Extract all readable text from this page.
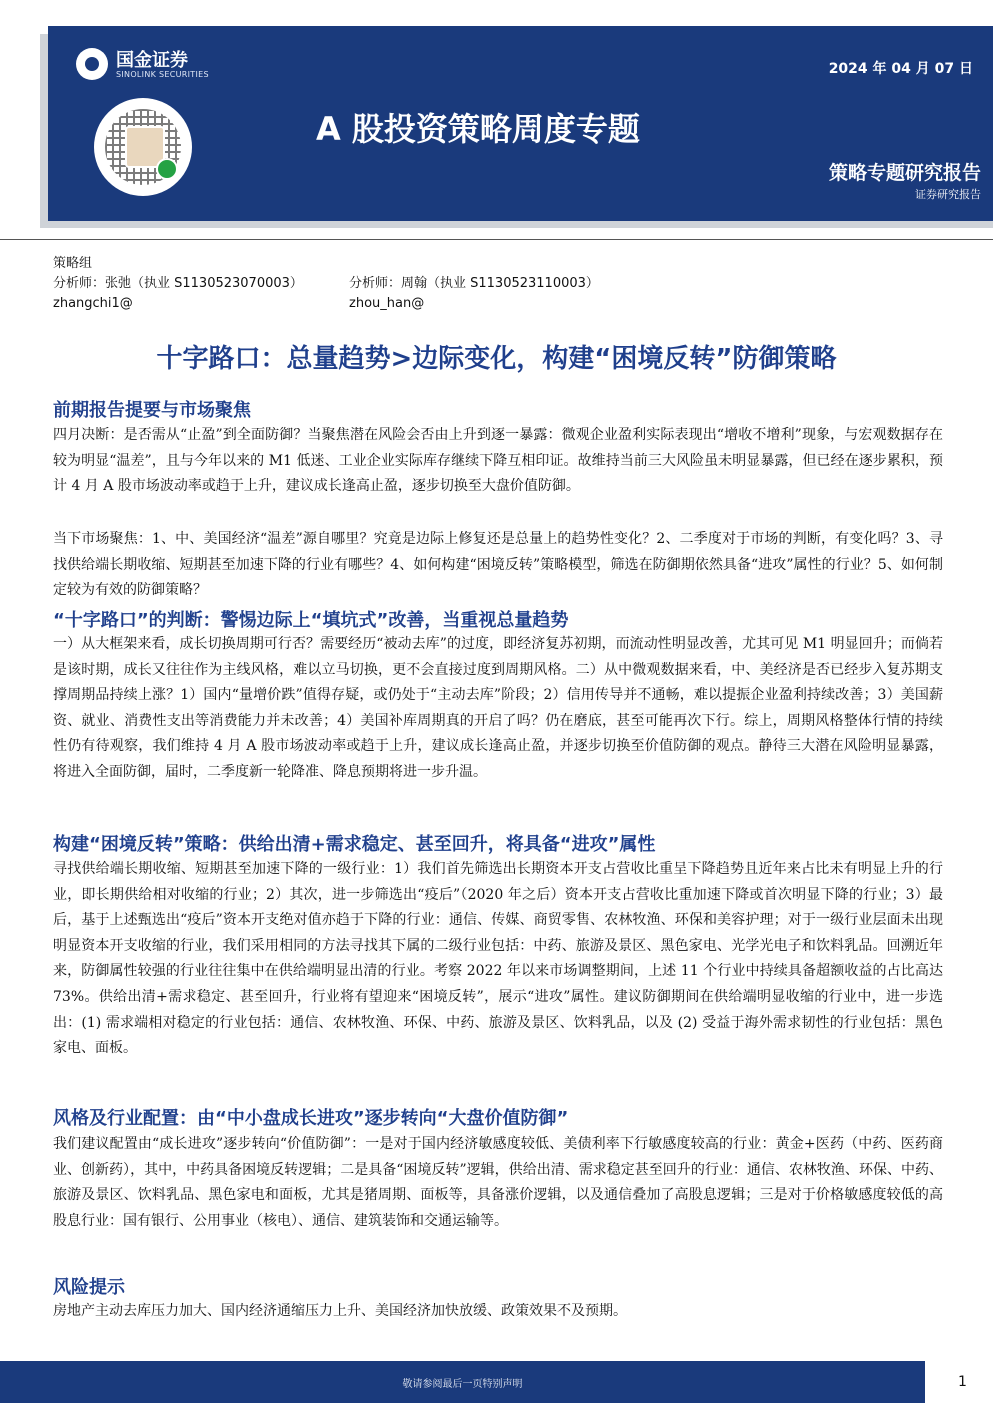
国金证券
SINOLINK SECURITIES	2024 年 04 月 07 日
A 股投资策略周度专题
策略专题研究报告
证券研究报告
策略组
分析师：张弛（执业 S1130523070003）	分析师：周翰（执业 S1130523110003）
zhangchi1@	zhou_han@
十字路口：总量趋势>边际变化，构建“困境反转”防御策略
前期报告提要与市场聚焦

四月决断：是否需从“止盈”到全面防御？当聚焦潜在风险会否由上升到逐一暴露：微观企业盈利实际表现出“增收不增利”现象，与宏观数据存在较为明显“温差”，且与今年以来的 M1 低迷、工业企业实际库存继续下降互相印证。故维持当前三大风险虽未明显暴露，但已经在逐步累积，预计 4 月 A 股市场波动率或趋于上升，建议成长逢高止盈，逐步切换至大盘价值防御。

当下市场聚焦：1、中、美国经济“温差”源自哪里？究竟是边际上修复还是总量上的趋势性变化？2、二季度对于市场的判断，有变化吗？3、寻找供给端长期收缩、短期甚至加速下降的行业有哪些？4、如何构建“困境反转”策略模型，筛选在防御期依然具备“进攻”属性的行业？5、如何制定较为有效的防御策略？

“十字路口”的判断：警惕边际上“填坑式”改善，当重视总量趋势

一）从大框架来看，成长切换周期可行否？需要经历“被动去库”的过度，即经济复苏初期，而流动性明显改善，尤其可见 M1 明显回升；而倘若是该时期，成长又往往作为主线风格，难以立马切换，更不会直接过度到周期风格。二）从中微观数据来看，中、美经济是否已经步入复苏期支撑周期品持续上涨？1）国内“量增价跌”值得存疑，或仍处于“主动去库”阶段；2）信用传导并不通畅，难以提振企业盈利持续改善；3）美国薪资、就业、消费性支出等消费能力并未改善；4）美国补库周期真的开启了吗？仍在磨底，甚至可能再次下行。综上，周期风格整体行情的持续性仍有待观察，我们维持 4 月 A 股市场波动率或趋于上升，建议成长逢高止盈，并逐步切换至价值防御的观点。静待三大潜在风险明显暴露，将进入全面防御，届时，二季度新一轮降准、降息预期将进一步升温。

构建“困境反转”策略：供给出清+需求稳定、甚至回升，将具备“进攻”属性

寻找供给端长期收缩、短期甚至加速下降的一级行业：1）我们首先筛选出长期资本开支占营收比重呈下降趋势且近年来占比未有明显上升的行业，即长期供给相对收缩的行业；2）其次，进一步筛选出“疫后”（2020 年之后）资本开支占营收比重加速下降或首次明显下降的行业；3）最后，基于上述甄选出“疫后”资本开支绝对值亦趋于下降的行业：通信、传媒、商贸零售、农林牧渔、环保和美容护理；对于一级行业层面未出现明显资本开支收缩的行业，我们采用相同的方法寻找其下属的二级行业包括：中药、旅游及景区、黑色家电、光学光电子和饮料乳品。回溯近年来，防御属性较强的行业往往集中在供给端明显出清的行业。考察 2022 年以来市场调整期间，上述 11 个行业中持续具备超额收益的占比高达 73%。供给出清+需求稳定、甚至回升，行业将有望迎来“困境反转”，展示“进攻”属性。建议防御期间在供给端明显收缩的行业中，进一步选出：(1) 需求端相对稳定的行业包括：通信、农林牧渔、环保、中药、旅游及景区、饮料乳品，以及 (2) 受益于海外需求韧性的行业包括：黑色家电、面板。

风格及行业配置：由“中小盘成长进攻”逐步转向“大盘价值防御”

我们建议配置由“成长进攻”逐步转向“价值防御”：一是对于国内经济敏感度较低、美债利率下行敏感度较高的行业：黄金+医药（中药、医药商业、创新药），其中，中药具备困境反转逻辑；二是具备“困境反转”逻辑，供给出清、需求稳定甚至回升的行业：通信、农林牧渔、环保、中药、旅游及景区、饮料乳品、黑色家电和面板，尤其是猪周期、面板等，具备涨价逻辑，以及通信叠加了高股息逻辑；三是对于价格敏感度较低的高股息行业：国有银行、公用事业（核电）、通信、建筑装饰和交通运输等。

风险提示

房地产主动去库压力加大、国内经济通缩压力上升、美国经济加快放缓、政策效果不及预期。

敬请参阅最后一页特别声明	1
